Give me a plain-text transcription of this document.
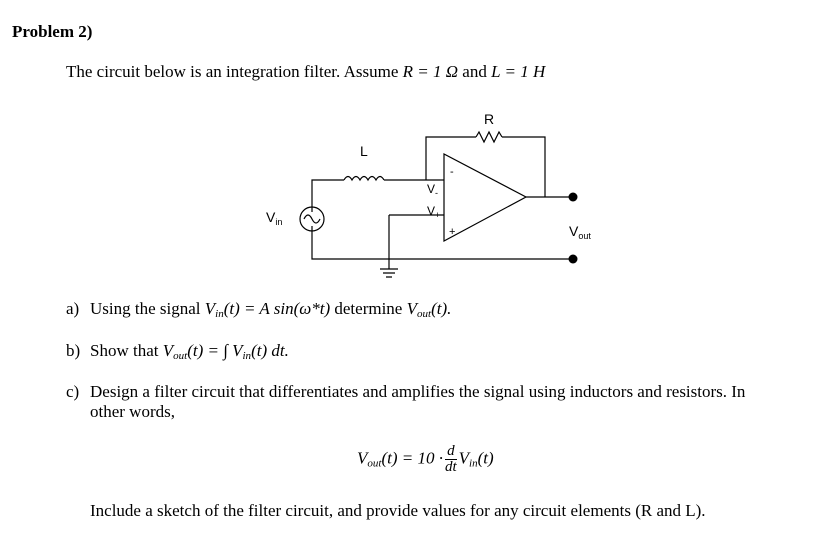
Problem 2)
The circuit below is an integration filter. Assume R = 1 Ω and L = 1 H
R
L
$V_{in}$
$V_-$
$V_+$
-
+	$V_{out}$
a) Using the signal $V_{in}(t) = A$ sin(ω*t) determine $V_{out}(t)$.
b) Show that $V_{out}(t)$ = ∫ $V_{in}(t)$ dt.
c) Design a filter circuit that differentiates and amplifies the signal using inductors and resistors. In
other words,
$V_{out}(t) = 10 \cdot \frac{d}{dt} V_{in}(t)$
Include a sketch of the filter circuit, and provide values for any circuit elements (R and L).
